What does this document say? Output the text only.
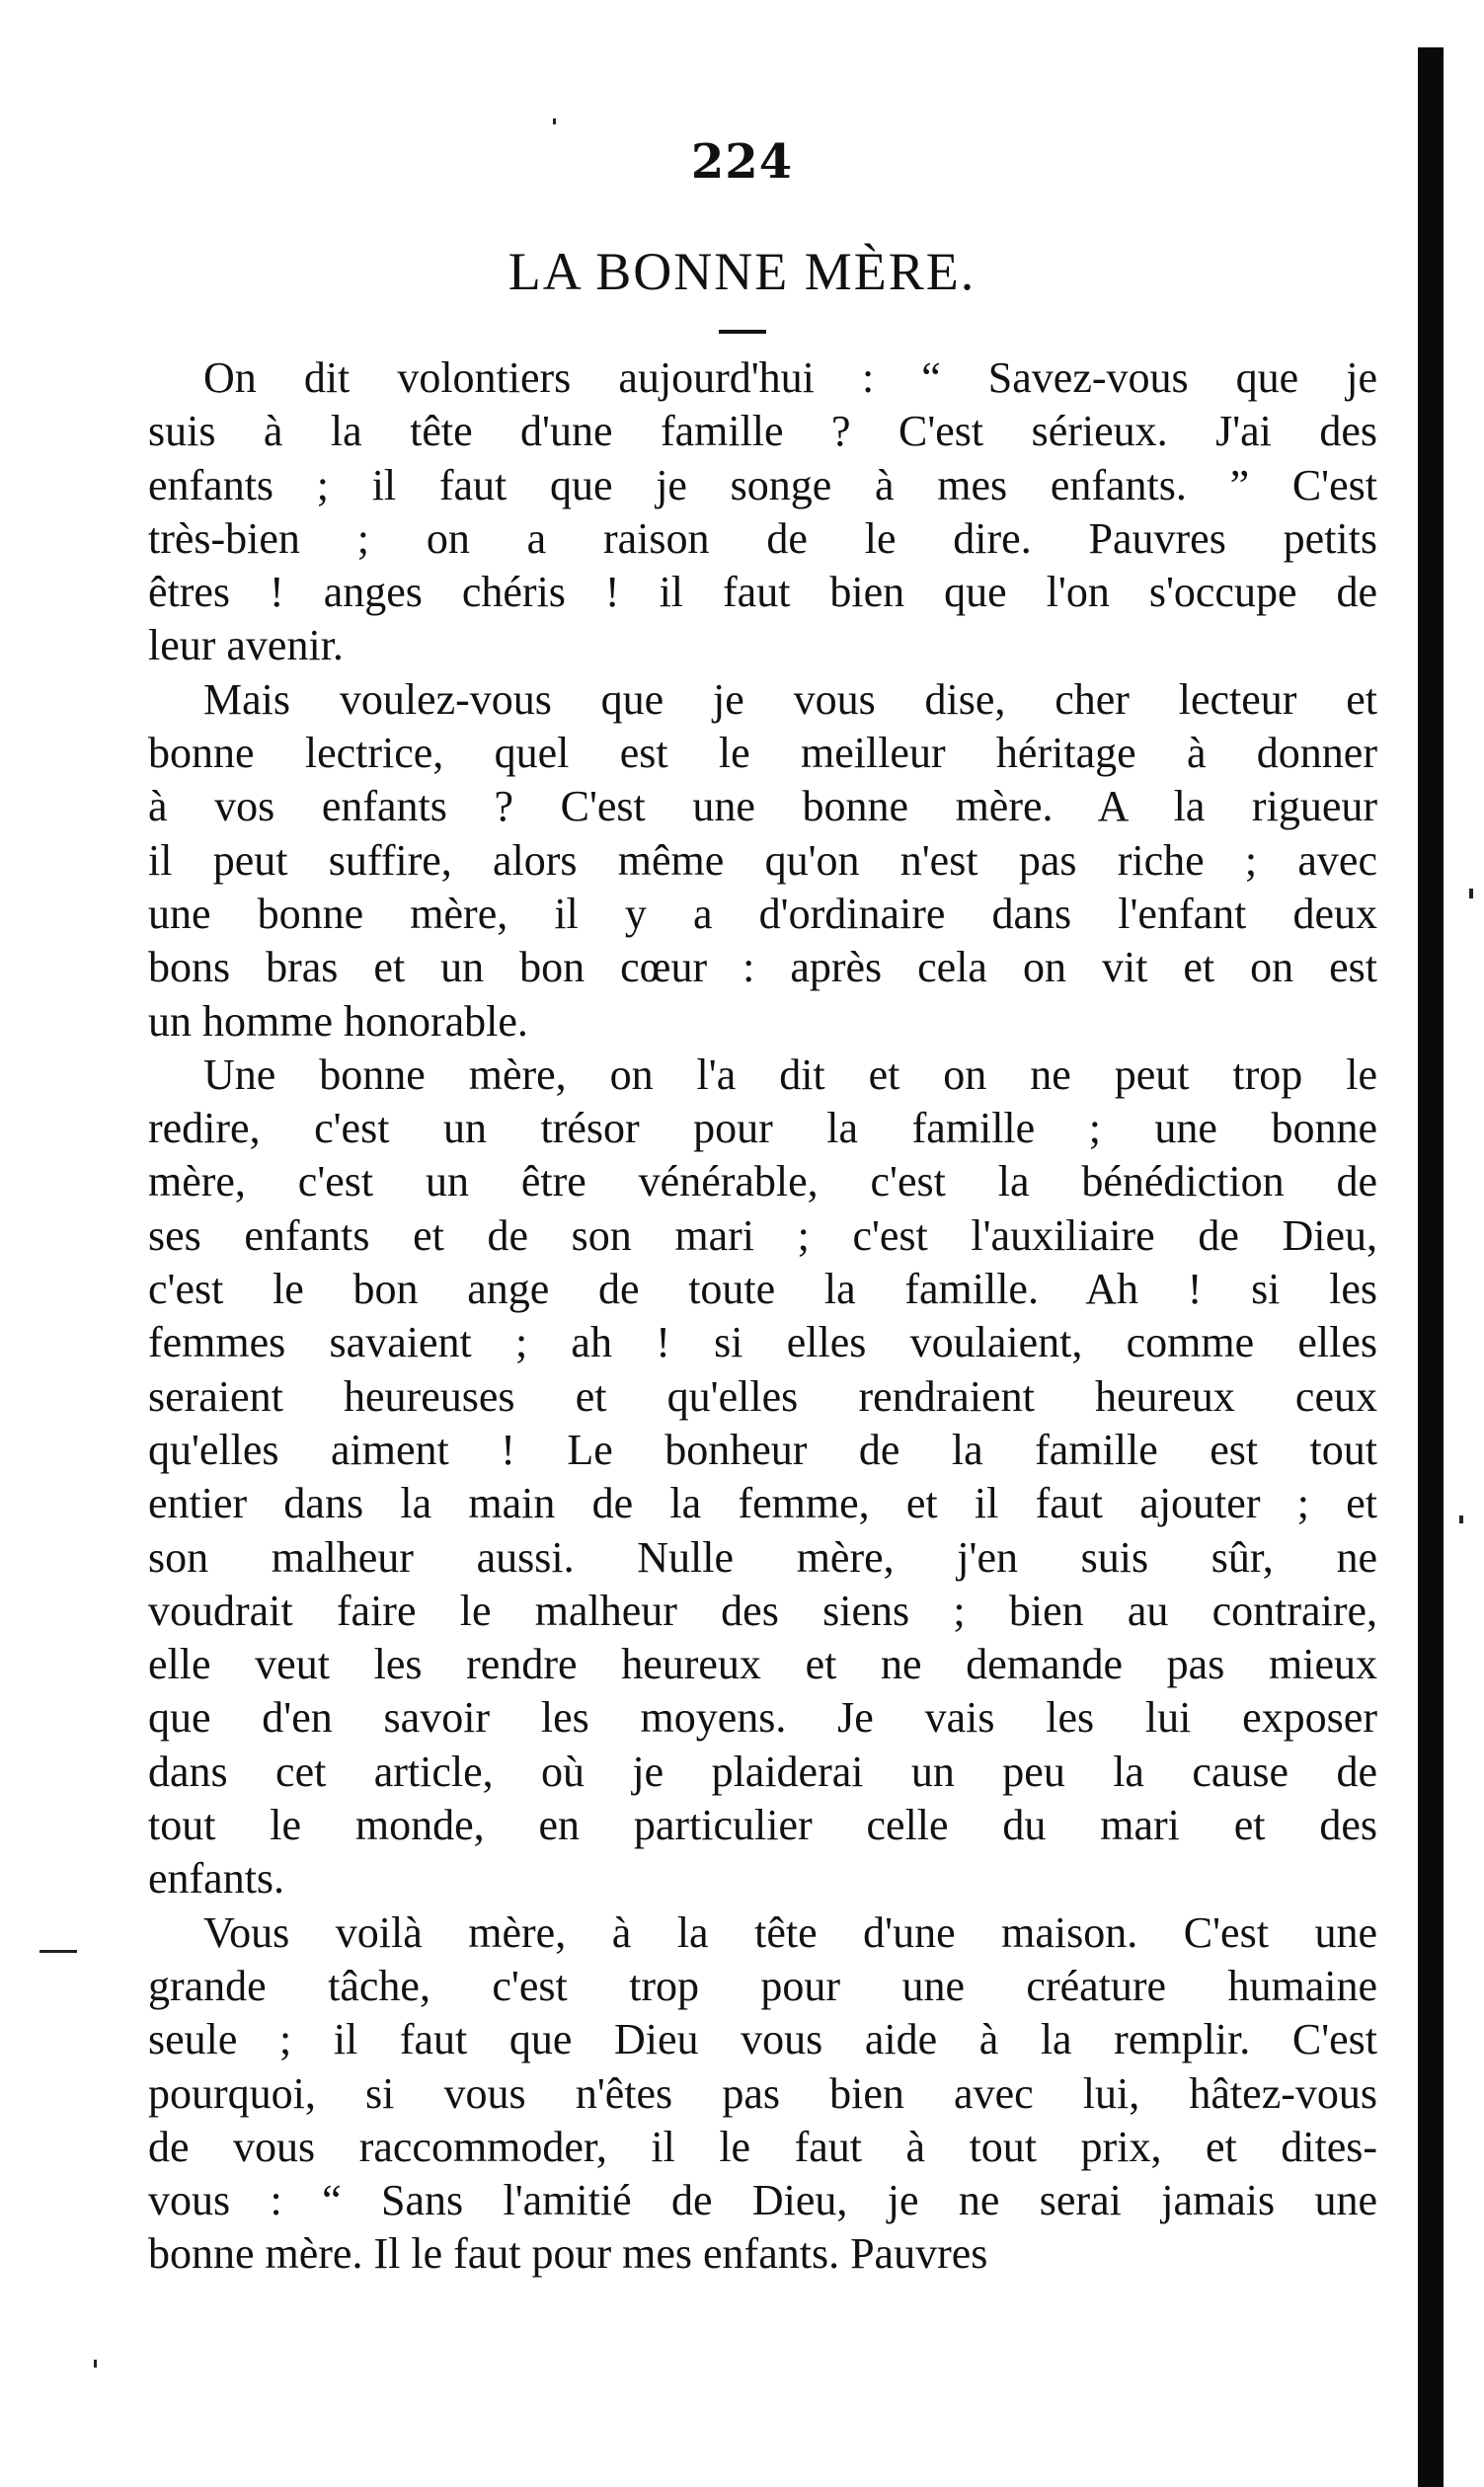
224
LA BONNE MÈRE.
On dit volontiers aujourd'hui : “ Savez-vous que je
suis à la tête d'une famille ? C'est sérieux. J'ai des
enfants ; il faut que je songe à mes enfants. ” C'est
très-bien ; on a raison de le dire. Pauvres petits
êtres ! anges chéris ! il faut bien que l'on s'occupe de
leur avenir.
Mais voulez-vous que je vous dise, cher lecteur et
bonne lectrice, quel est le meilleur héritage à donner
à vos enfants ? C'est une bonne mère. A la rigueur
il peut suffire, alors même qu'on n'est pas riche ; avec
une bonne mère, il y a d'ordinaire dans l'enfant deux
bons bras et un bon cœur : après cela on vit et on est
un homme honorable.
Une bonne mère, on l'a dit et on ne peut trop le
redire, c'est un trésor pour la famille ; une bonne
mère, c'est un être vénérable, c'est la bénédiction de
ses enfants et de son mari ; c'est l'auxiliaire de Dieu,
c'est le bon ange de toute la famille. Ah ! si les
femmes savaient ; ah ! si elles voulaient, comme elles
seraient heureuses et qu'elles rendraient heureux ceux
qu'elles aiment ! Le bonheur de la famille est tout
entier dans la main de la femme, et il faut ajouter ; et
son malheur aussi. Nulle mère, j'en suis sûr, ne
voudrait faire le malheur des siens ; bien au contraire,
elle veut les rendre heureux et ne demande pas mieux
que d'en savoir les moyens. Je vais les lui exposer
dans cet article, où je plaiderai un peu la cause de
tout le monde, en particulier celle du mari et des
enfants.
Vous voilà mère, à la tête d'une maison. C'est une
grande tâche, c'est trop pour une créature humaine
seule ; il faut que Dieu vous aide à la remplir. C'est
pourquoi, si vous n'êtes pas bien avec lui, hâtez-vous
de vous raccommoder, il le faut à tout prix, et dites-
vous : “ Sans l'amitié de Dieu, je ne serai jamais une
bonne mère. Il le faut pour mes enfants. Pauvres
